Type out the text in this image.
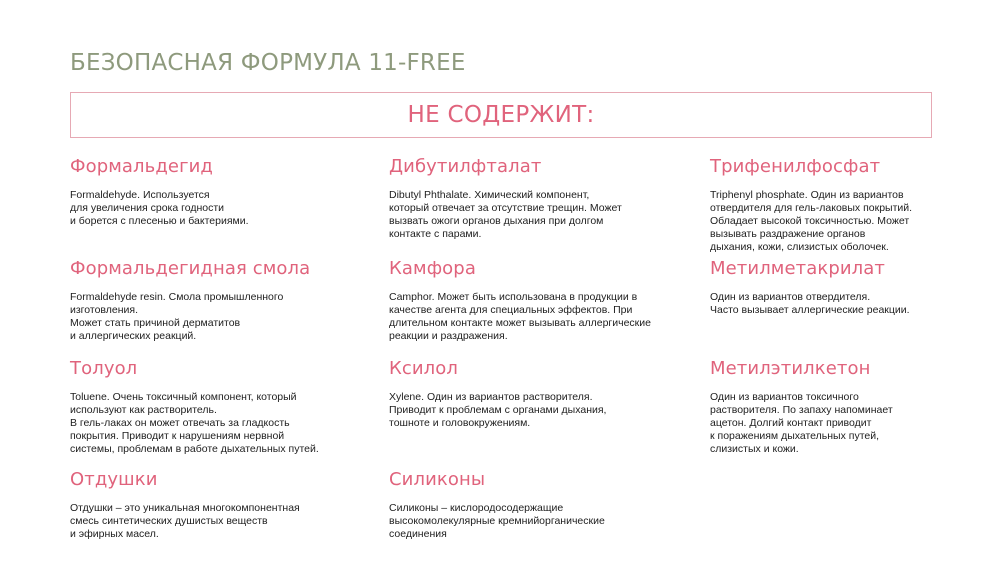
БЕЗОПАСНАЯ ФОРМУЛА 11-FREE
НЕ СОДЕРЖИТ:
Формальдегид
Formaldehyde. Используется
для увеличения срока годности
и борется с плесенью и бактериями.
Формальдегидная смола
Formaldehyde resin. Смола промышленного
изготовления.
Может стать причиной дерматитов
и аллергических реакций.
Толуол
Toluene. Очень токсичный компонент, который
используют как растворитель.
В гель-лаках он может отвечать за гладкость
покрытия. Приводит к нарушениям нервной
системы, проблемам в работе дыхательных путей.
Отдушки
Отдушки – это уникальная многокомпонентная
смесь синтетических душистых веществ
и эфирных масел.
Дибутилфталат
Dibutyl Phthalate. Химический компонент,
который отвечает за отсутствие трещин. Может
вызвать ожоги органов дыхания при долгом
контакте с парами.
Камфора
Camphor. Может быть использована в продукции в
качестве агента для специальных эффектов. При
длительном контакте может вызывать аллергические
реакции и раздражения.
Ксилол
Xylene. Один из вариантов растворителя.
Приводит к проблемам с органами дыхания,
тошноте и головокружениям.
Силиконы
Силиконы – кислородосодержащие
высокомолекулярные кремнийорганические
соединения
Трифенилфосфат
Triphenyl phosphate. Один из вариантов
отвердителя для гель-лаковых покрытий.
Обладает высокой токсичностью. Может
вызывать раздражение органов
дыхания, кожи, слизистых оболочек.
Метилметакрилат
Один из вариантов отвердителя.
Часто вызывает аллергические реакции.
Метилэтилкетон
Один из вариантов токсичного
растворителя. По запаху напоминает
ацетон. Долгий контакт приводит
к поражениям дыхательных путей,
слизистых и кожи.
